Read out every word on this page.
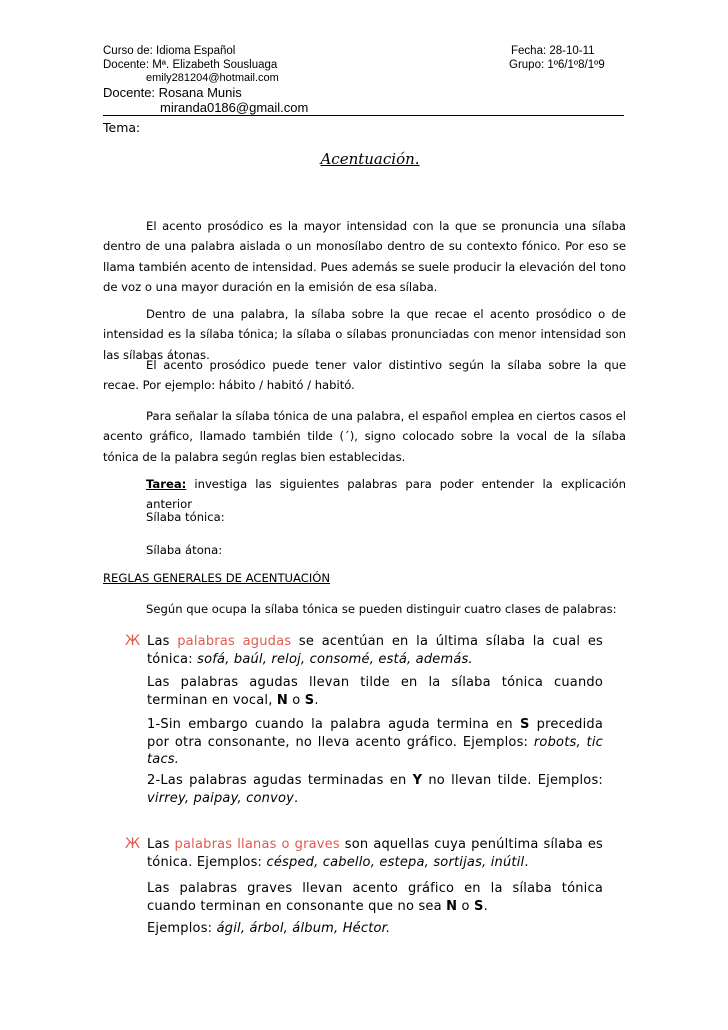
Curso de: Idioma Español	Fecha: 28-10-11
Docente: Mª. Elizabeth Sousluaga	Grupo: 1º6/1º8/1º9
emily281204@hotmail.com
Docente: Rosana Munis
miranda0186@gmail.com
Tema:
Acentuación.

El acento prosódico es la mayor intensidad con la que se pronuncia una sílaba dentro de una palabra aislada o un monosílabo dentro de su contexto fónico. Por eso se llama también acento de intensidad. Pues además se suele producir la elevación del tono de voz o una mayor duración en la emisión de esa sílaba.

Dentro de una palabra, la sílaba sobre la que recae el acento prosódico o de intensidad es la sílaba tónica; la sílaba o sílabas pronunciadas con menor intensidad son las sílabas átonas.

El acento prosódico puede tener valor distintivo según la sílaba sobre la que recae. Por ejemplo: hábito / habitó / habitó.

Para señalar la sílaba tónica de una palabra, el español emplea en ciertos casos el acento gráfico, llamado también tilde (´), signo colocado sobre la vocal de la sílaba tónica de la palabra según reglas bien establecidas.

Tarea: investiga las siguientes palabras para poder entender la explicación anterior

Sílaba tónica:

Sílaba átona:

REGLAS GENERALES DE ACENTUACIÓN

Según que ocupa la sílaba tónica se pueden distinguir cuatro clases de palabras:

Ж Las palabras agudas se acentúan en la última sílaba la cual es tónica: sofá, baúl, reloj, consomé, está, además.

Las palabras agudas llevan tilde en la sílaba tónica cuando terminan en vocal, N o S.

1-Sin embargo cuando la palabra aguda termina en S precedida por otra consonante, no lleva acento gráfico. Ejemplos: robots, tic tacs.

2-Las palabras agudas terminadas en Y no llevan tilde. Ejemplos: virrey, paipay, convoy.

Ж Las palabras llanas o graves son aquellas cuya penúltima sílaba es tónica. Ejemplos: césped, cabello, estepa, sortijas, inútil.

Las palabras graves llevan acento gráfico en la sílaba tónica cuando terminan en consonante que no sea N o S.

Ejemplos: ágil, árbol, álbum, Héctor.
